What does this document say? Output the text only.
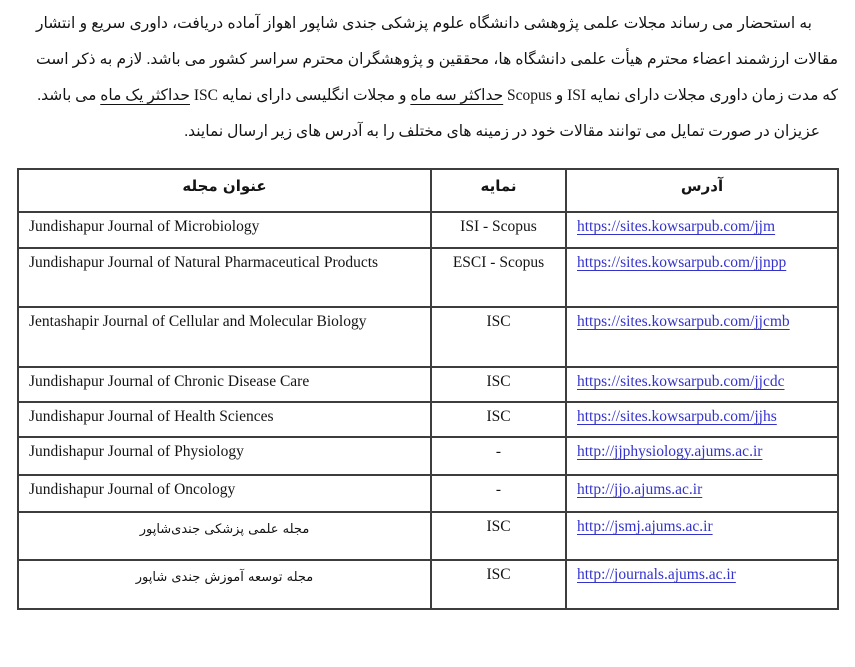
به استحضار می رساند مجلات علمی پژوهشی دانشگاه علوم پزشکی جندی شاپور اهواز آماده دریافت، داوری سریع و انتشار مقالات ارزشمند اعضاء محترم هیأت علمی دانشگاه ها، محققین و پژوهشگران محترم سراسر کشور می باشد. لازم به ذکر است که مدت زمان داوری مجلات دارای نمایه ISI و Scopus حداکثر سه ماه و مجلات انگلیسی دارای نمایه ISC حداکثر یک ماه می باشد.

عزیزان در صورت تمایل می توانند مقالات خود در زمینه های مختلف را به آدرس های زیر ارسال نمایند.

عنوان مجله	نمایه	آدرس
Jundishapur Journal of Microbiology	ISI - Scopus	https://sites.kowsarpub.com/jjm
Jundishapur Journal of Natural Pharmaceutical Products	ESCI - Scopus	https://sites.kowsarpub.com/jjnpp
Jentashapir Journal of Cellular and Molecular Biology	ISC	https://sites.kowsarpub.com/jjcmb
Jundishapur Journal of Chronic Disease Care	ISC	https://sites.kowsarpub.com/jjcdc
Jundishapur Journal of Health Sciences	ISC	https://sites.kowsarpub.com/jjhs
Jundishapur Journal of Physiology	-	http://jjphysiology.ajums.ac.ir
Jundishapur Journal of Oncology	-	http://jjo.ajums.ac.ir
مجله علمی پزشکی جندی‌شاپور	ISC	http://jsmj.ajums.ac.ir
مجله توسعه آموزش جندی شاپور	ISC	http://journals.ajums.ac.ir
